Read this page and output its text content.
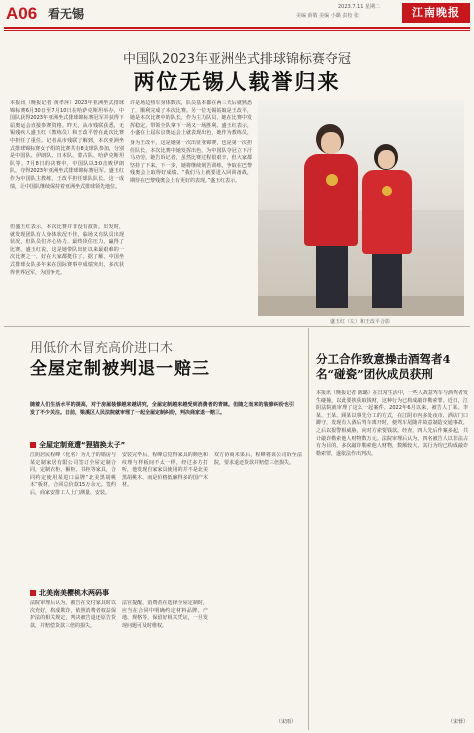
A06 看无锡	2023.7.11 星期二
美编 薛敬 美编 小璐 责校 张	江南晚报
中国队2023年亚洲坐式排球锦标赛夺冠
两位无锡人载誉归来
本报讯（晚报记者 黄孝萍）2023年亚洲坐式排球锦标赛6月30日至7月10日在哈萨克斯坦举办，中国队获得2023年亚洲坐式排球锦标赛冠军并获得下届奥运会直接参赛资格。昨天，从市残联获悉，无锡残疾人盛玉红（教练员）和王改平曾在此次比赛中担任了重任。记者从市残联了解到，本次亚洲坐式排球锦标赛女子组的比赛共有8支球队参加，分别是中国队、伊朗队、日本队、蒙古队、哈萨克斯坦队等。7月8日的决赛中，中国队以3∶0击败伊朗队，夺得2023年亚洲坐式排球锦标赛冠军。盛玉红作为中国队主教练，王改平担任球队队长。这一成绩，让中国队继续保持着亚洲坐式排球领先地位。
但盛玉红表示，本次比赛并非没有波折。出发时，就发现团队有人身体状况不佳，临场又有队员出现状况，但队员们齐心协力，最终顶住压力，赢得了比赛。盛玉红说，这是她带队出征以来最艰难的一次比赛之一，好在大家都挺住了。据了解，中国坐式排球女队多年来在国际赛事中成绩突出，多次获得世界冠军，为国争光。
许是场边热车身体数次，队员基本都在两三天后就熟悉了，顺利完成了本次比赛。另一位无锡姑娘是王改平，她是本次比赛中的队长，作为主力队员，她在比赛中发挥稳定，带领全队拿下一场又一场胜利。盛玉红表示，小盛在上届东京奥运会上就表现出色，她作为教练员，
身为王改平，这是她第一次出征亚锦赛，也是第一次担任队长，本次比赛中她发挥出色，为中国队夺冠立下汗马功劳。她告诉记者，虽然比赛过程很艰辛，但大家都坚持了下来。下一步，她将继续刻苦训练，争取在巴黎残奥会上取得好成绩。“我们马上就要进入回训备战，期待在巴黎残奥会上有更好的表现。”盛玉红表示。
盛玉红（左）和王改平合影
用低价木冒充高价进口木
全屋定制被判退一赔三
随着人们生活水平的提高，对于房屋装修越来越讲究，全屋定制越来越受到消费者的青睐。但随之而来的装修纠纷也引发了不少关注。日前，梁溪区人民法院就审理了一起全屋定制纠纷，判决商家退一赔三。
全屋定制竟遭“狸猫换太子”
江阴居民程峰（化名）为儿子的婚房与某定制家居有限公司签订全屋定制合同，定制衣柜、橱柜、书柜等家具，合同约定使用某进口品牌“北美黑胡桃木”板材，合同总价款15万余元。签约后，商家安排工人上门测量、安装。
安装完毕后，程峰总觉得家具的颜色和纹理与样板间不太一样，经过多方打听，他发现自家家具使用的并不是北美黑胡桃木，而是价格低廉得多的国产木材。
双方协商未果后，程峰将该公司诉至法院，要求退还货款并赔偿三倍损失。
北美南美樱桃木两码事
法院审理后认为，被告在交付家具时以次充好，构成欺诈，依照消费者权益保护法的相关规定，判决被告退还原告货款，并赔偿货款三倍的损失。
法官提醒，消费者在选择全屋定制时，应当在合同中明确约定材料品牌、产地、规格等，保留好相关凭证，一旦发现问题可及时维权。
（宋雨）
分工合作致意操击酒驾者4名“碰瓷”团伙成员获刑
本报讯（晚报记者 陈璐）在日常生活中，一些人故意驾车与酒驾者发生碰撞，以此要挟获取钱财，这种行为已构成敲诈勒索罪。近日，江阴法院就审理了这么一起案件。2022年6月以来，被告人丁某、李某、王某、顾某以事先分工的方式，在江阴市内多处夜市、酒店门口蹲守，发现有人酒后驾车离开时，便驾车尾随并故意制造交通事故，之后以报警相威胁，向对方索要钱款。经查，四人先后作案多起，共计敲诈勒索他人财物数万元。法院审理后认为，四名被告人以非法占有为目的，多次敲诈勒索他人财物，数额较大，其行为均已构成敲诈勒索罪，遂依法作出判决。
（宋蓉）
